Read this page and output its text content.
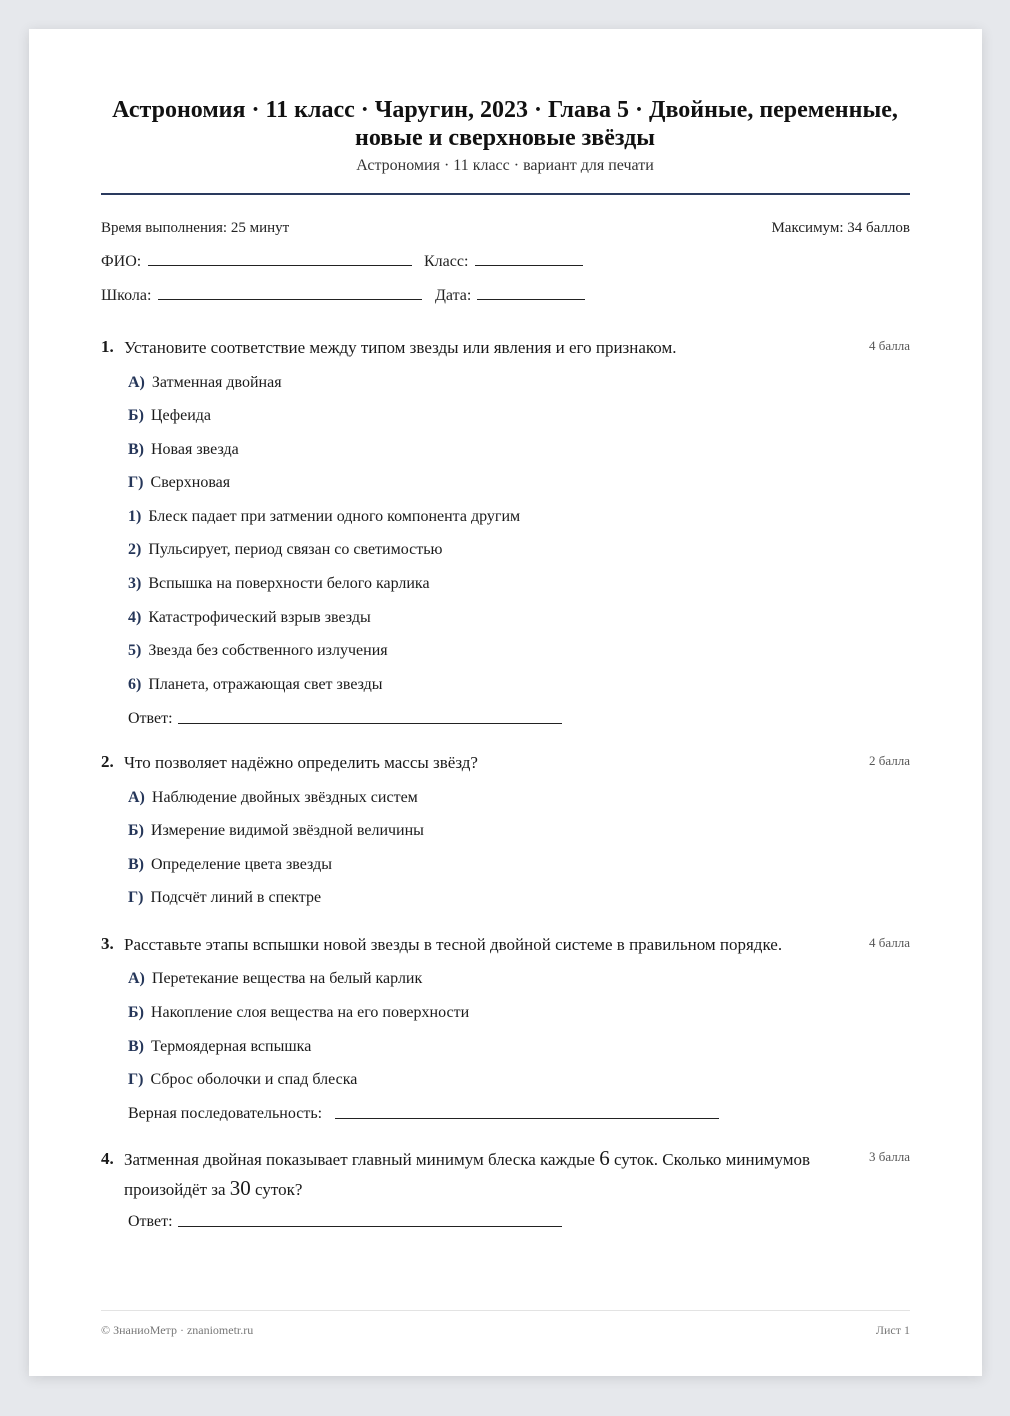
Астрономия · 11 класс · Чаругин, 2023 · Глава 5 · Двойные, переменные,
новые и сверхновые звёзды
Астрономия · 11 класс · вариант для печати
Время выполнения: 25 минут	Максимум: 34 баллов
ФИО:	Класс:
Школа:	Дата:
1. Установите соответствие между типом звезды или явления и его признаком.	4 балла
А) Затменная двойная
Б) Цефеида
В) Новая звезда
Г) Сверхновая
1) Блеск падает при затмении одного компонента другим
2) Пульсирует, период связан со светимостью
3) Вспышка на поверхности белого карлика
4) Катастрофический взрыв звезды
5) Звезда без собственного излучения
6) Планета, отражающая свет звезды
Ответ:
2. Что позволяет надёжно определить массы звёзд?	2 балла
А) Наблюдение двойных звёздных систем
Б) Измерение видимой звёздной величины
В) Определение цвета звезды
Г) Подсчёт линий в спектре
3. Расставьте этапы вспышки новой звезды в тесной двойной системе в правильном порядке.	4 балла
А) Перетекание вещества на белый карлик
Б) Накопление слоя вещества на его поверхности
В) Термоядерная вспышка
Г) Сброс оболочки и спад блеска
Верная последовательность:
4. Затменная двойная показывает главный минимум блеска каждые 6 суток. Сколько минимумов
произойдёт за 30 суток?
3 балла
Ответ:
© ЗнаниоМетр · znaniometr.ru	Лист 1
